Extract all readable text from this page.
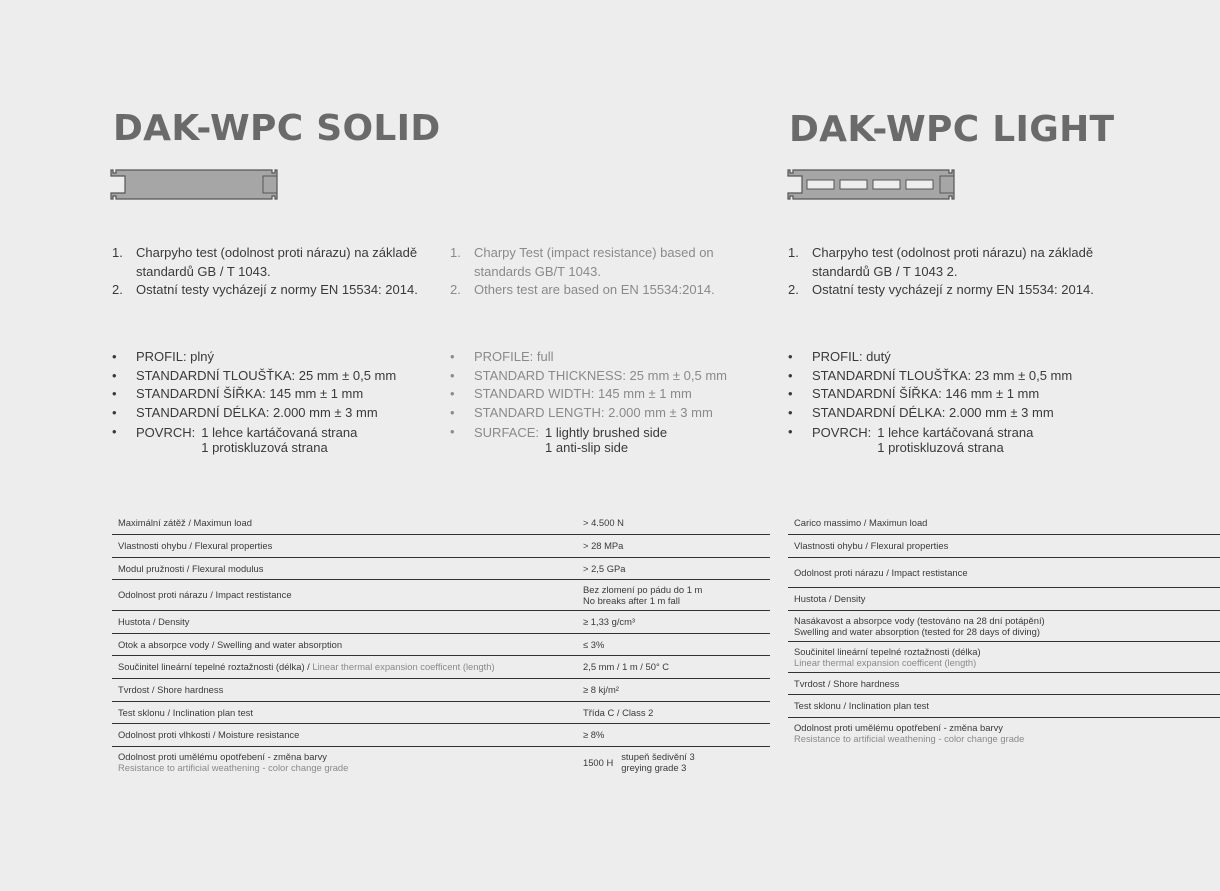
DAK-WPC SOLID
1. Charpyho test (odolnost proti nárazu) na základě
standardů GB / T 1043.
2. Ostatní testy vycházejí z normy EN 15534: 2014.
1. Charpy Test (impact resistance) based on
standards GB/T 1043.
2. Others test are based on EN 15534:2014.
• PROFIL: plný
• STANDARDNÍ TLOUŠŤKA: 25 mm ± 0,5 mm
• STANDARDNÍ ŠÍŘKA: 145 mm ± 1 mm
• STANDARDNÍ DÉLKA: 2.000 mm ± 3 mm
• POVRCH: 1 lehce kartáčovaná strana
1 protiskluzová strana
• PROFILE: full
• STANDARD THICKNESS: 25 mm ± 0,5 mm
• STANDARD WIDTH: 145 mm ± 1 mm
• STANDARD LENGTH: 2.000 mm ± 3 mm
• SURFACE: 1 lightly brushed side
1 anti-slip side
Maximální zátěž / Maximun load	> 4.500 N
Vlastnosti ohybu / Flexural properties	> 28 MPa
Modul pružnosti / Flexural modulus	> 2,5 GPa
Odolnost proti nárazu / Impact restistance	Bez zlomení po pádu do 1 m
No breaks after 1 m fall
Hustota / Density	≥ 1,33 g/cm³
Otok a absorpce vody / Swelling and water absorption	≤ 3%
Součinitel lineární tepelné roztažnosti (délka) / Linear thermal expansion coefficent (length)	2,5 mm / 1 m / 50° C
Tvrdost / Shore hardness	≥ 8 kj/m²
Test sklonu / Inclination plan test	Třída C / Class 2
Odolnost proti vlhkosti / Moisture resistance	≥ 8%
Odolnost proti umělému opotřebení - změna barvy
Resistance to artificial weathening - color change grade	1500 H stupeň šedivění 3
greying grade 3
DAK-WPC LIGHT
1. Charpyho test (odolnost proti nárazu) na základě
standardů GB / T 1043 2.
2. Ostatní testy vycházejí z normy EN 15534: 2014.
• PROFIL: dutý
• STANDARDNÍ TLOUŠŤKA: 23 mm ± 0,5 mm
• STANDARDNÍ ŠÍŘKA: 146 mm ± 1 mm
• STANDARDNÍ DÉLKA: 2.000 mm ± 3 mm
• POVRCH: 1 lehce kartáčovaná strana
1 protiskluzová strana
Carico massimo / Maximun load
Vlastnosti ohybu / Flexural properties
Odolnost proti nárazu / Impact restistance
Hustota / Density
Nasákavost a absorpce vody (testováno na 28 dní potápění)
Swelling and water absorption (tested for 28 days of diving)
Součinitel lineární tepelné roztažnosti (délka)
Linear thermal expansion coefficent (length)
Tvrdost / Shore hardness
Test sklonu / Inclination plan test
Odolnost proti umělému opotřebení - změna barvy
Resistance to artificial weathening - color change grade
